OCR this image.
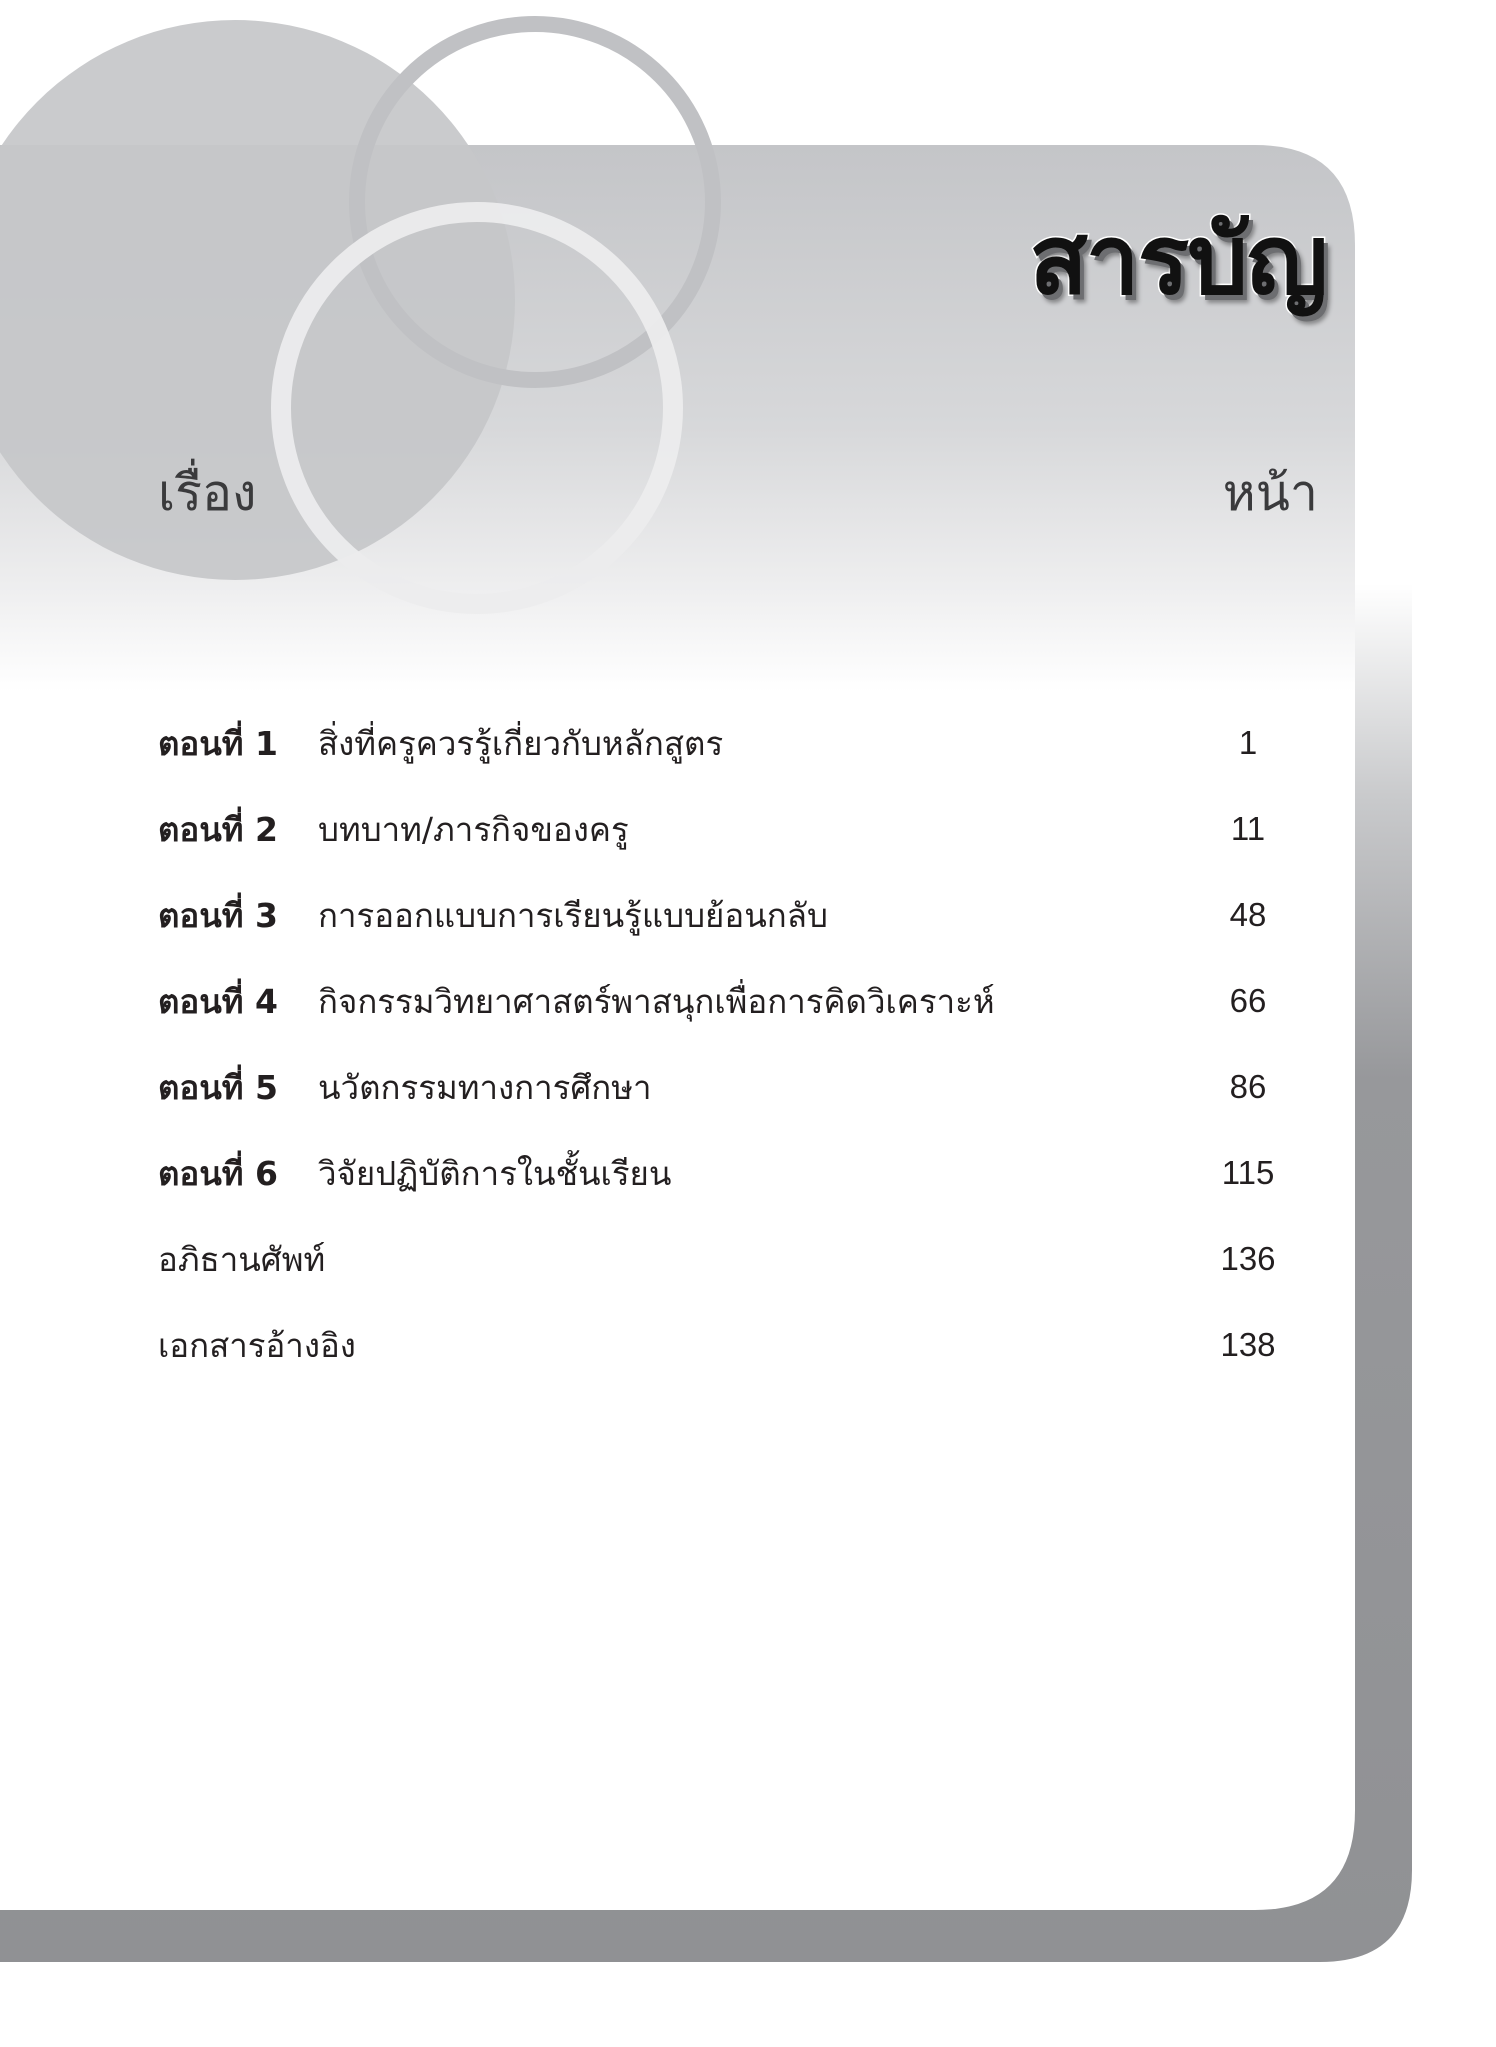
สารบัญ
เรื่อง	หน้า
ตอนที่ 1	สิ่งที่ครูควรรู้เกี่ยวกับหลักสูตร	1
ตอนที่ 2	บทบาท/ภารกิจของครู	11
ตอนที่ 3	การออกแบบการเรียนรู้แบบย้อนกลับ	48
ตอนที่ 4	กิจกรรมวิทยาศาสตร์พาสนุกเพื่อการคิดวิเคราะห์	66
ตอนที่ 5	นวัตกรรมทางการศึกษา	86
ตอนที่ 6	วิจัยปฏิบัติการในชั้นเรียน	115
อภิธานศัพท์	136
เอกสารอ้างอิง	138
